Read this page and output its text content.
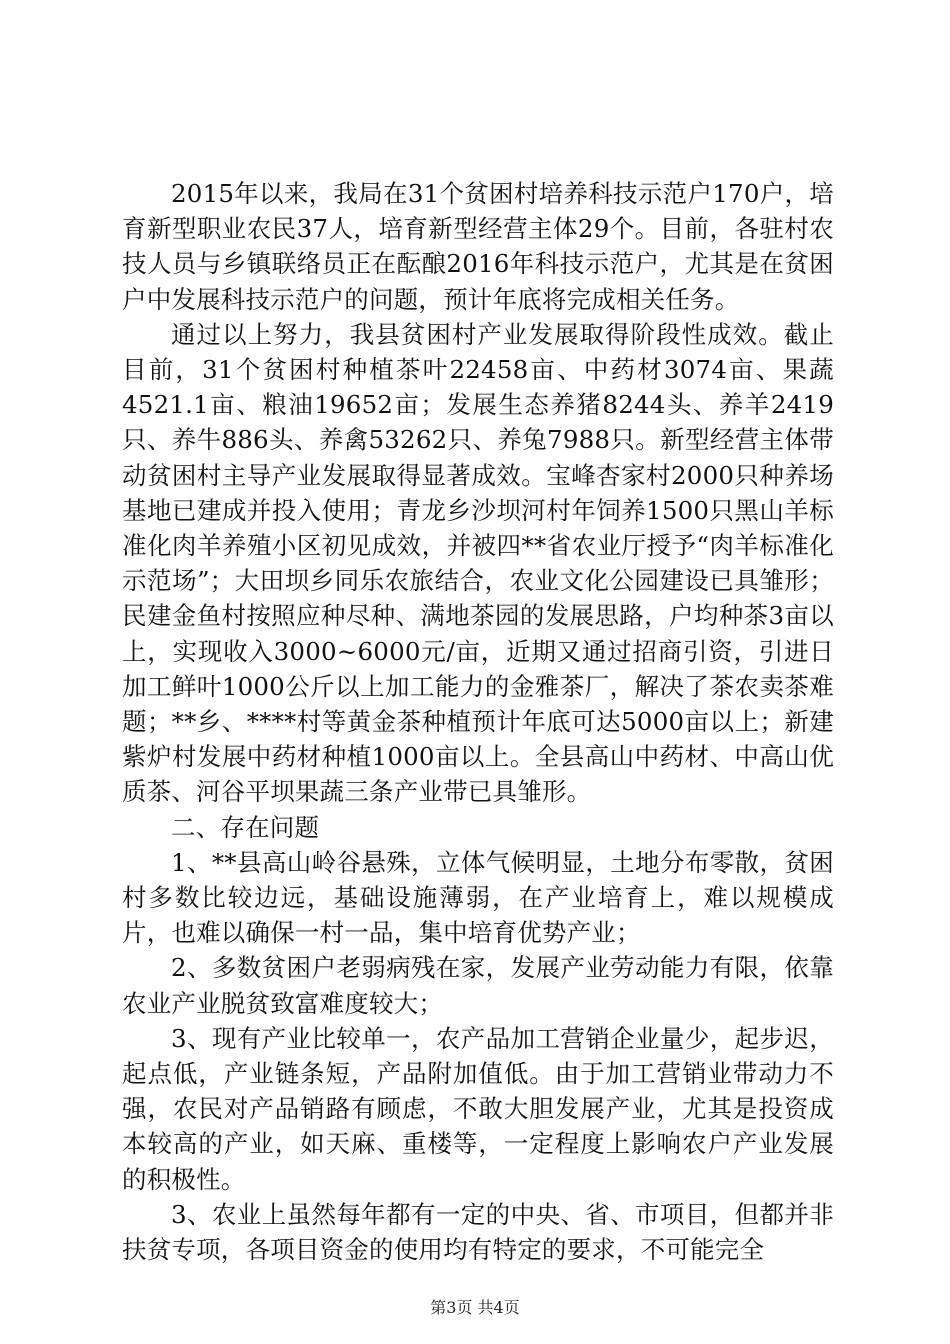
2015年以来，我局在31个贫困村培养科技示范户170户，培育新型职业农民37人，培育新型经营主体29个。目前，各驻村农技人员与乡镇联络员正在酝酿2016年科技示范户，尤其是在贫困户中发展科技示范户的问题，预计年底将完成相关任务。

通过以上努力，我县贫困村产业发展取得阶段性成效。截止目前，31个贫困村种植茶叶22458亩、中药材3074亩、果蔬4521.1亩、粮油19652亩；发展生态养猪8244头、养羊2419只、养牛886头、养禽53262只、养兔7988只。新型经营主体带动贫困村主导产业发展取得显著成效。宝峰杏家村2000只种养场基地已建成并投入使用；青龙乡沙坝河村年饲养1500只黑山羊标准化肉羊养殖小区初见成效，并被四**省农业厅授予“肉羊标准化示范场”；大田坝乡同乐农旅结合，农业文化公园建设已具雏形；民建金鱼村按照应种尽种、满地茶园的发展思路，户均种茶3亩以上，实现收入3000~6000元/亩，近期又通过招商引资，引进日加工鲜叶1000公斤以上加工能力的金雅茶厂，解决了茶农卖茶难题；**乡、****村等黄金茶种植预计年底可达5000亩以上；新建紫炉村发展中药材种植1000亩以上。全县高山中药材、中高山优质茶、河谷平坝果蔬三条产业带已具雏形。

二、存在问题

1、**县高山岭谷悬殊，立体气候明显，土地分布零散，贫困村多数比较边远，基础设施薄弱，在产业培育上，难以规模成片，也难以确保一村一品，集中培育优势产业；

2、多数贫困户老弱病残在家，发展产业劳动能力有限，依靠农业产业脱贫致富难度较大；

3、现有产业比较单一，农产品加工营销企业量少，起步迟，起点低，产业链条短，产品附加值低。由于加工营销业带动力不强，农民对产品销路有顾虑，不敢大胆发展产业，尤其是投资成本较高的产业，如天麻、重楼等，一定程度上影响农户产业发展的积极性。

3、农业上虽然每年都有一定的中央、省、市项目，但都并非扶贫专项，各项目资金的使用均有特定的要求，不可能完全

第3页 共4页
